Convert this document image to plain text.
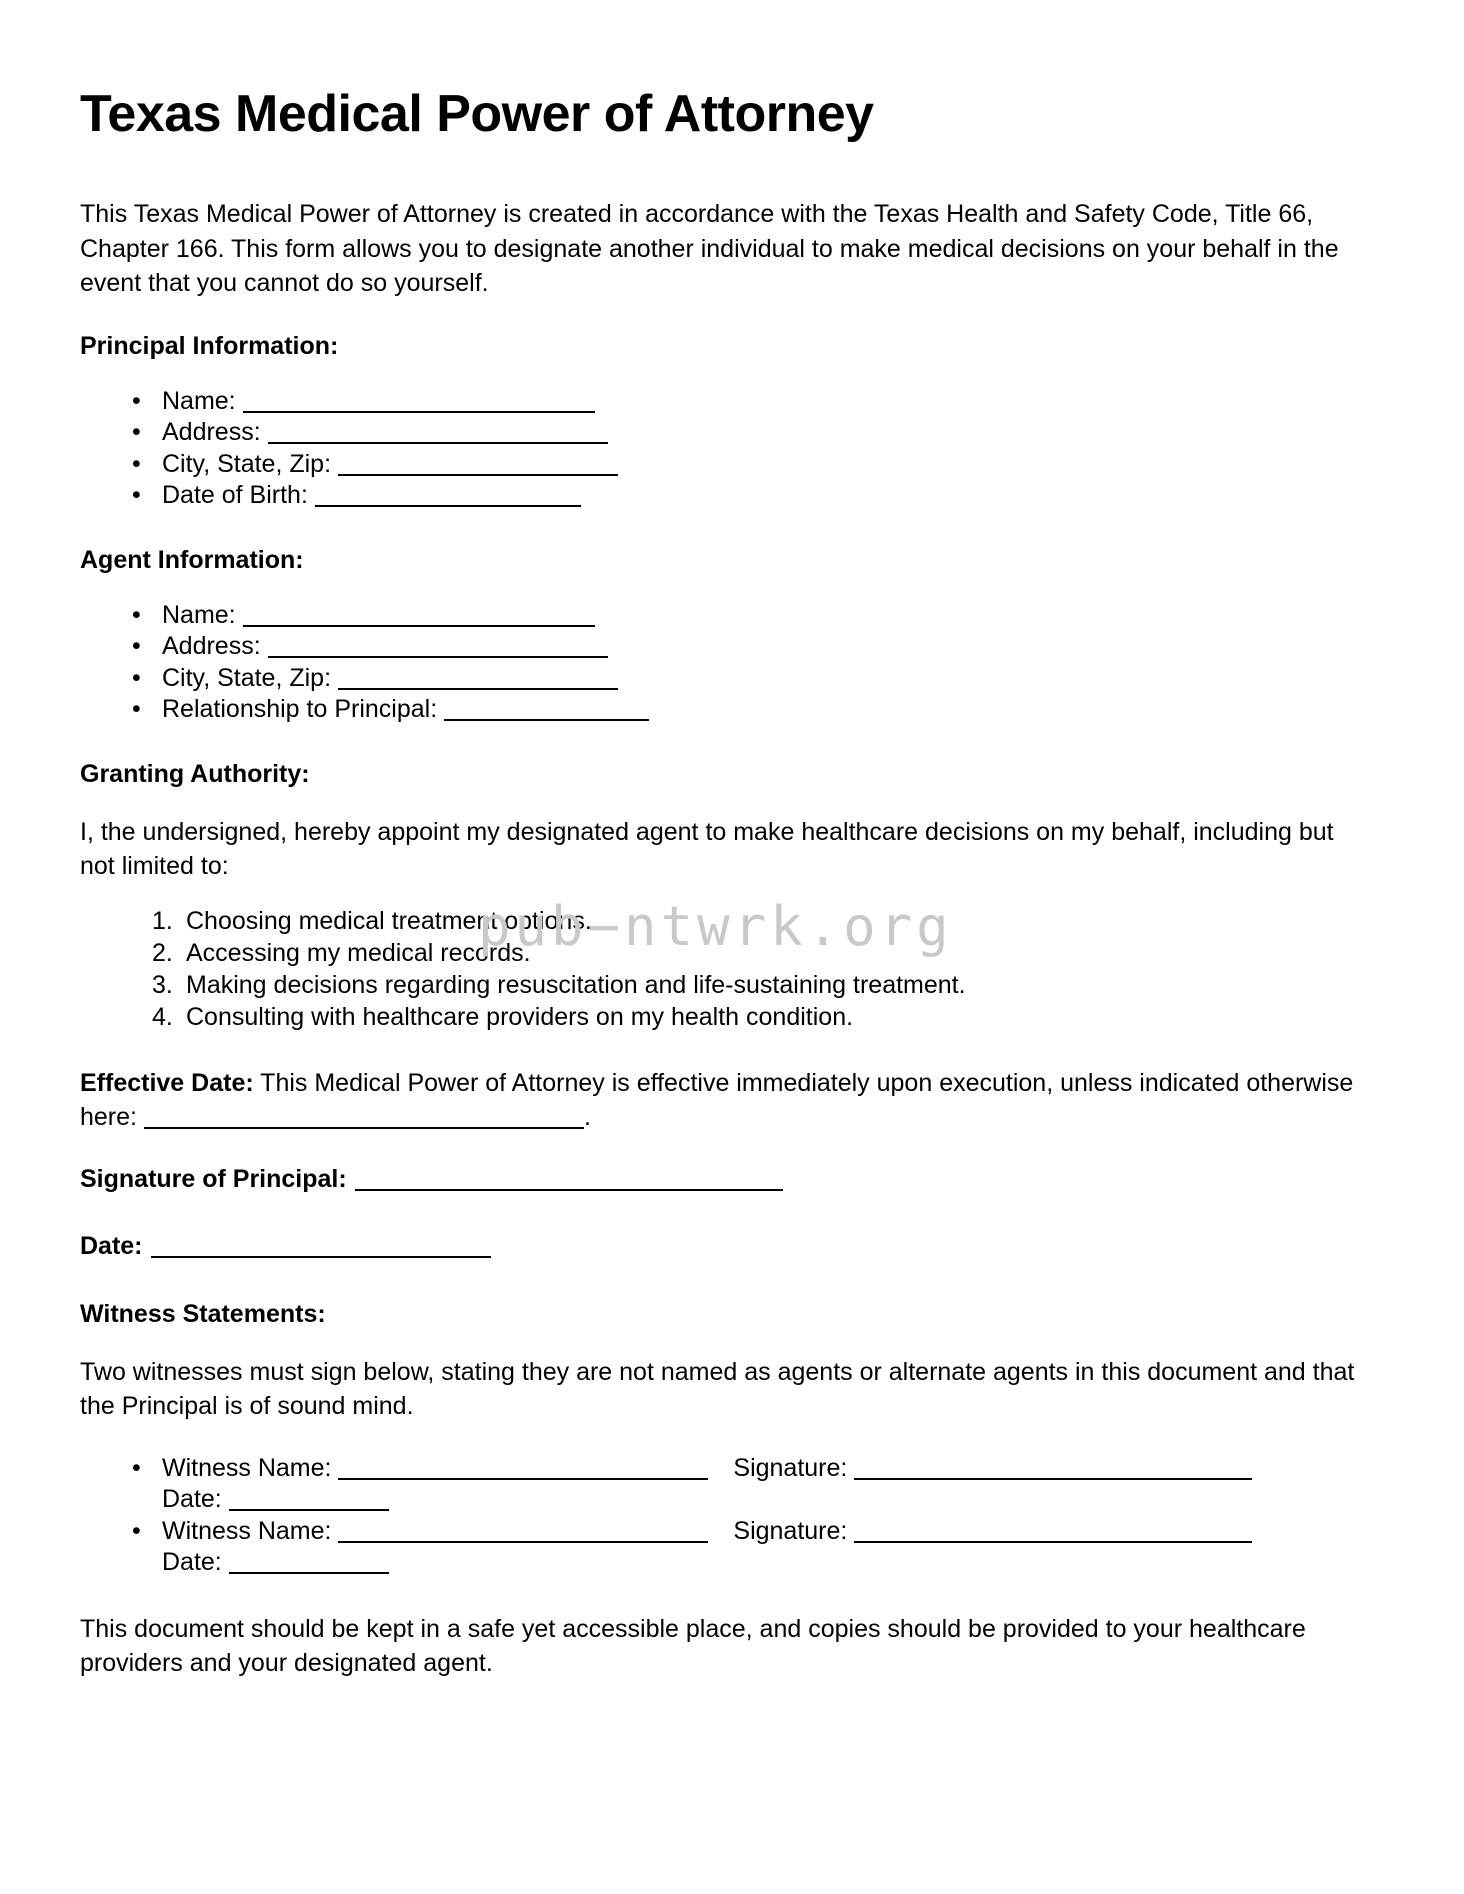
Texas Medical Power of Attorney

This Texas Medical Power of Attorney is created in accordance with the Texas Health and Safety Code, Title 66, Chapter 166. This form allows you to designate another individual to make medical decisions on your behalf in the event that you cannot do so yourself.

Principal Information:
• Name:
• Address:
• City, State, Zip:
• Date of Birth:
Agent Information:
• Name:
• Address:
• City, State, Zip:
• Relationship to Principal:
Granting Authority:

I, the undersigned, hereby appoint my designated agent to make healthcare decisions on my behalf, including but not limited to:

Choosing medical treatment options.
Accessing my medical records.
Making decisions regarding resuscitation and life-sustaining treatment.
Consulting with healthcare providers on my health condition.

Effective Date: This Medical Power of Attorney is effective immediately upon execution, unless indicated otherwise here:	.

Signature of Principal:
Date:
Witness Statements:

Two witnesses must sign below, stating they are not named as agents or alternate agents in this document and that the Principal is of sound mind.

• Witness Name:	Signature:
Date:
• Witness Name:	Signature:
Date:

This document should be kept in a safe yet accessible place, and copies should be provided to your healthcare providers and your designated agent.

pub−ntwrk.org
